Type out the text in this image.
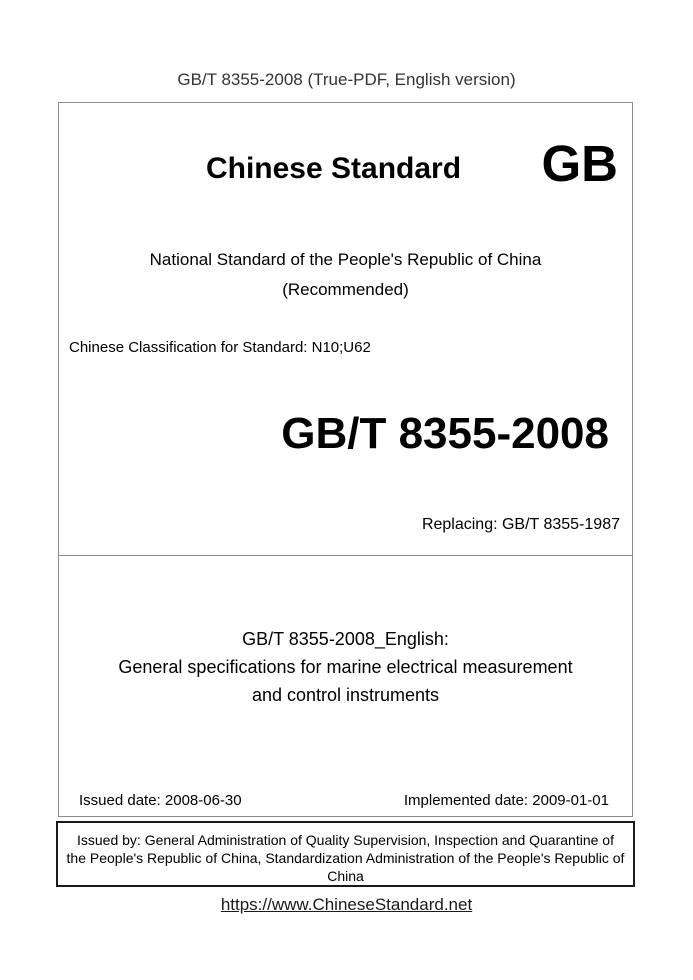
GB/T 8355-2008 (True-PDF, English version)
Chinese Standard	GB
National Standard of the People's Republic of China
(Recommended)
Chinese Classification for Standard: N10;U62
GB/T 8355-2008
Replacing: GB/T 8355-1987
GB/T 8355-2008_English:
General specifications for marine electrical measurement
and control instruments
Issued date: 2008-06-30	Implemented date: 2009-01-01
Issued by: General Administration of Quality Supervision, Inspection and Quarantine of
the People's Republic of China, Standardization Administration of the People's Republic of
China
https://www.ChineseStandard.net
